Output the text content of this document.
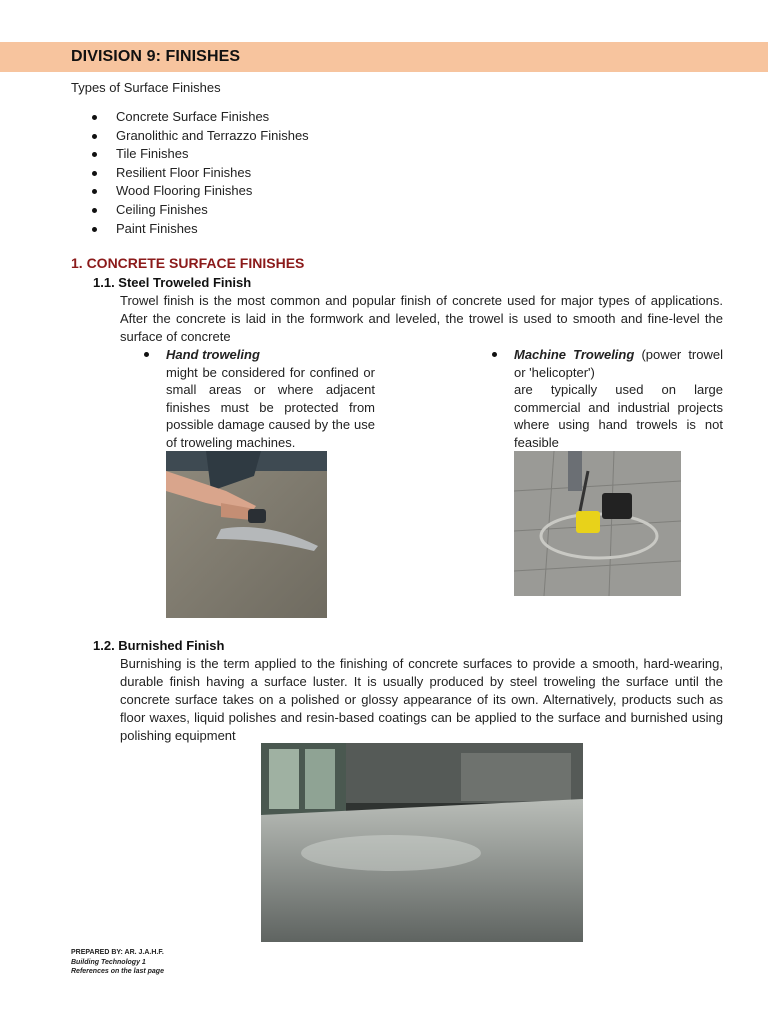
DIVISION 9: FINISHES
Types of Surface Finishes
Concrete Surface Finishes
Granolithic and Terrazzo Finishes
Tile Finishes
Resilient Floor Finishes
Wood Flooring Finishes
Ceiling Finishes
Paint Finishes
1. CONCRETE SURFACE FINISHES
1.1. Steel Troweled Finish
Trowel finish is the most common and popular finish of concrete used for major types of applications. After the concrete is laid in the formwork and leveled, the trowel is used to smooth and fine-level the surface of concrete
Hand troweling
might be considered for confined or small areas or where adjacent finishes must be protected from possible damage caused by the use of troweling machines.
Machine Troweling (power trowel or 'helicopter')
are typically used on large commercial and industrial projects where using hand trowels is not feasible
1.2. Burnished Finish
Burnishing is the term applied to the finishing of concrete surfaces to provide a smooth, hard-wearing, durable finish having a surface luster. It is usually produced by steel troweling the surface until the concrete surface takes on a polished or glossy appearance of its own. Alternatively, products such as floor waxes, liquid polishes and resin-based coatings can be applied to the surface and burnished using polishing equipment
PREPARED BY: AR. J.A.H.F.
Building Technology 1
References on the last page
